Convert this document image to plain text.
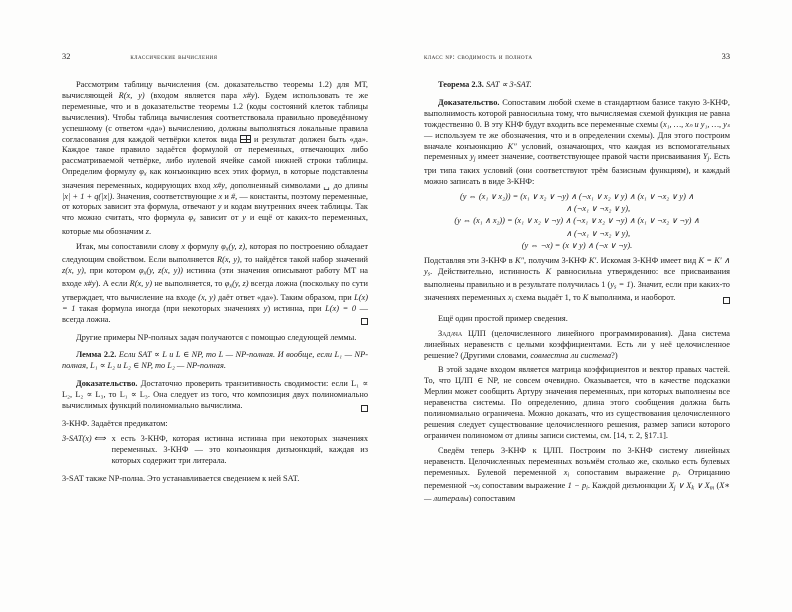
32	классические вычисления

Рассмотрим таблицу вычисления (см. доказательство теоремы 1.2) для МТ, вычисляющей R(x, y) (входом является пара x#y). Будем использовать те же переменные, что и в доказательстве теоремы 1.2 (коды состояний клеток таблицы вычисления). Чтобы таблица вычисления соответствовала правильно проведённому успешному (с ответом «да») вычислению, должны выполняться локальные правила согласования для каждой четвёрки клеток вида и результат должен быть «да». Каждое такое правило задаётся формулой от переменных, отвечающих либо рассматриваемой четвёрке, либо нулевой ячейке самой нижней строки таблицы. Определим формулу $\varphi_x$ как конъюнкцию всех этих формул, в которые подставлены значения переменных, кодирующих вход x#y, дополненный символами ␣ до длины |x| + 1 + q(|x|). Значения, соответствующие x и #, — константы, поэтому переменные, от которых зависит эта формула, отвечают y и кодам внутренних ячеек таблицы. Так что можно считать, что формула $\varphi_x$ зависит от y и ещё от каких-то переменных, которые мы обозначим z.

Итак, мы сопоставили слову x формулу $\varphi_x(y$, z), которая по построению обладает следующим свойством. Если выполняется R(x, y), то найдётся такой набор значений z(x, y), при котором $\varphi_x(y$, z(x, y)) истинна (эти значения описывают работу МТ на входе x#y). А если R(x, y) не выполняется, то $\varphi_x(y$, z) всегда ложна (поскольку по сути утверждает, что вычисление на входе (x, y) даёт ответ «да»). Таким образом, при L(x) = 1 такая формула иногда (при некоторых значениях y) истинна, при L(x) = 0 — всегда ложна.

Другие примеры NP-полных задач получаются с помощью следующей леммы.

Лемма 2.2. Если SAT ∝ L и L ∈ NP, то L — NP-полная. И вообще, если L₁ — NP-полная, L₁ ∝ L₂ и L₂ ∈ NP, то L₂ — NP-полная.

Доказательство. Достаточно проверить транзитивность сводимости: если L₁ ∝ L₂, L₂ ∝ L₃, то L₁ ∝ L₃. Она следует из того, что композиция двух полиномиально вычислимых функций полиномиально вычислима.

3-КНФ. Задаётся предикатом:

3-SAT(x) ⟺ x есть 3-КНФ, которая истинна истинна при некоторых значениях переменных. 3-КНФ — это конъюнкция дизъюнкций, каждая из которых содержит три литерала.

3-SAT также NP-полна. Это устанавливается сведением к ней SAT.

класс np: сводимость и полнота	33

Теорема 2.3. SAT ∝ 3-SAT.

Доказательство. Сопоставим любой схеме в стандартном базисе такую 3-КНФ, выполнимость которой равносильна тому, что вычисляемая схемой функция не равна тождественно 0. В эту КНФ будут входить все переменные схемы (x₁, …, xₙ и y₁, …, yₛ — используем те же обозначения, что и в определении схемы). Для этого построим вначале конъюнкцию K″ условий, означающих, что каждая из вспомогательных переменных $y_j$ имеет значение, соответствующее правой части присваивания $Y_j$. Есть три типа таких условий (они соответствуют трём базисным функциям), и каждый можно записать в виде 3-КНФ:

(y ⇔ (x₁ ∨ x₂)) = (x₁ ∨ x₂ ∨ ¬y) ∧ (¬x₁ ∨ x₂ ∨ y) ∧ (x₁ ∨ ¬x₂ ∨ y) ∧
∧ (¬x₁ ∨ ¬x₂ ∨ y),
(y ⇔ (x₁ ∧ x₂)) = (x₁ ∨ x₂ ∨ ¬y) ∧ (¬x₁ ∨ x₂ ∨ ¬y) ∧ (x₁ ∨ ¬x₂ ∨ ¬y) ∧
∧ (¬x₁ ∨ ¬x₂ ∨ y),
(y ⇔ ¬x) = (x ∨ y) ∧ (¬x ∨ ¬y).

Подставляя эти 3-КНФ в K″, получим 3-КНФ K′. Искомая 3-КНФ имеет вид K = K′ ∧ $y_s$. Действительно, истинность K равносильна утверждению: все присваивания выполнены правильно и в результате получилась 1 $(y_s = 1)$. Значит, если при каких-то значениях переменных $x_i$ схема выдаёт 1, то K выполнима, и наоборот.

Ещё один простой пример сведения.

Задача ЦЛП (целочисленного линейного программирования). Дана система линейных неравенств с целыми коэффициентами. Есть ли у неё целочисленное решение? (Другими словами, совместна ли система?)

В этой задаче входом является матрица коэффициентов и вектор правых частей. То, что ЦЛП ∈ NP, не совсем очевидно. Оказывается, что в качестве подсказки Мерлин может сообщить Артуру значения переменных, при которых выполнены все неравенства системы. По определению, длина этого сообщения должна быть полиномиально ограничена. Можно доказать, что из существования целочисленного решения следует существование целочисленного решения, размер записи которого ограничен полиномом от длины записи системы, см. [14, т. 2, §17.1].

Сведём теперь 3-КНФ к ЦЛП. Построим по 3-КНФ систему линейных неравенств. Целочисленных переменных возьмём столько же, сколько есть булевых переменных. Булевой переменной $x_i$ сопоставим выражение $p_i$. Отрицанию переменной $\neg x_i$ сопоставим выражение $1 - p_i$. Каждой дизъюнкции $X_j$ ∨ $X_k$ ∨ $X_m$ (X∗ — литералы) сопоставим
